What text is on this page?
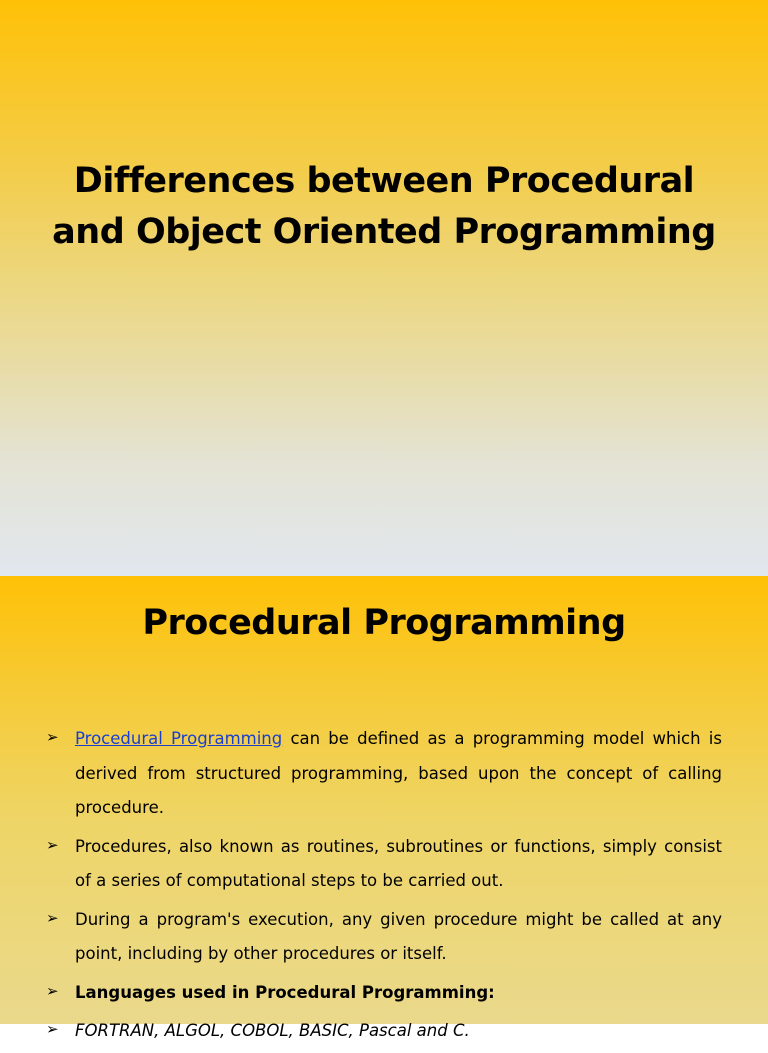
Differences between Procedural
and Object Oriented Programming
Procedural Programming
➢ Procedural Programming can be defined as a programming model which is derived from structured programming, based upon the concept of calling procedure.
➢ Procedures, also known as routines, subroutines or functions, simply consist of a series of computational steps to be carried out.
➢ During a program's execution, any given procedure might be called at any point, including by other procedures or itself.
➢ Languages used in Procedural Programming:
➢ FORTRAN, ALGOL, COBOL, BASIC, Pascal and C.
